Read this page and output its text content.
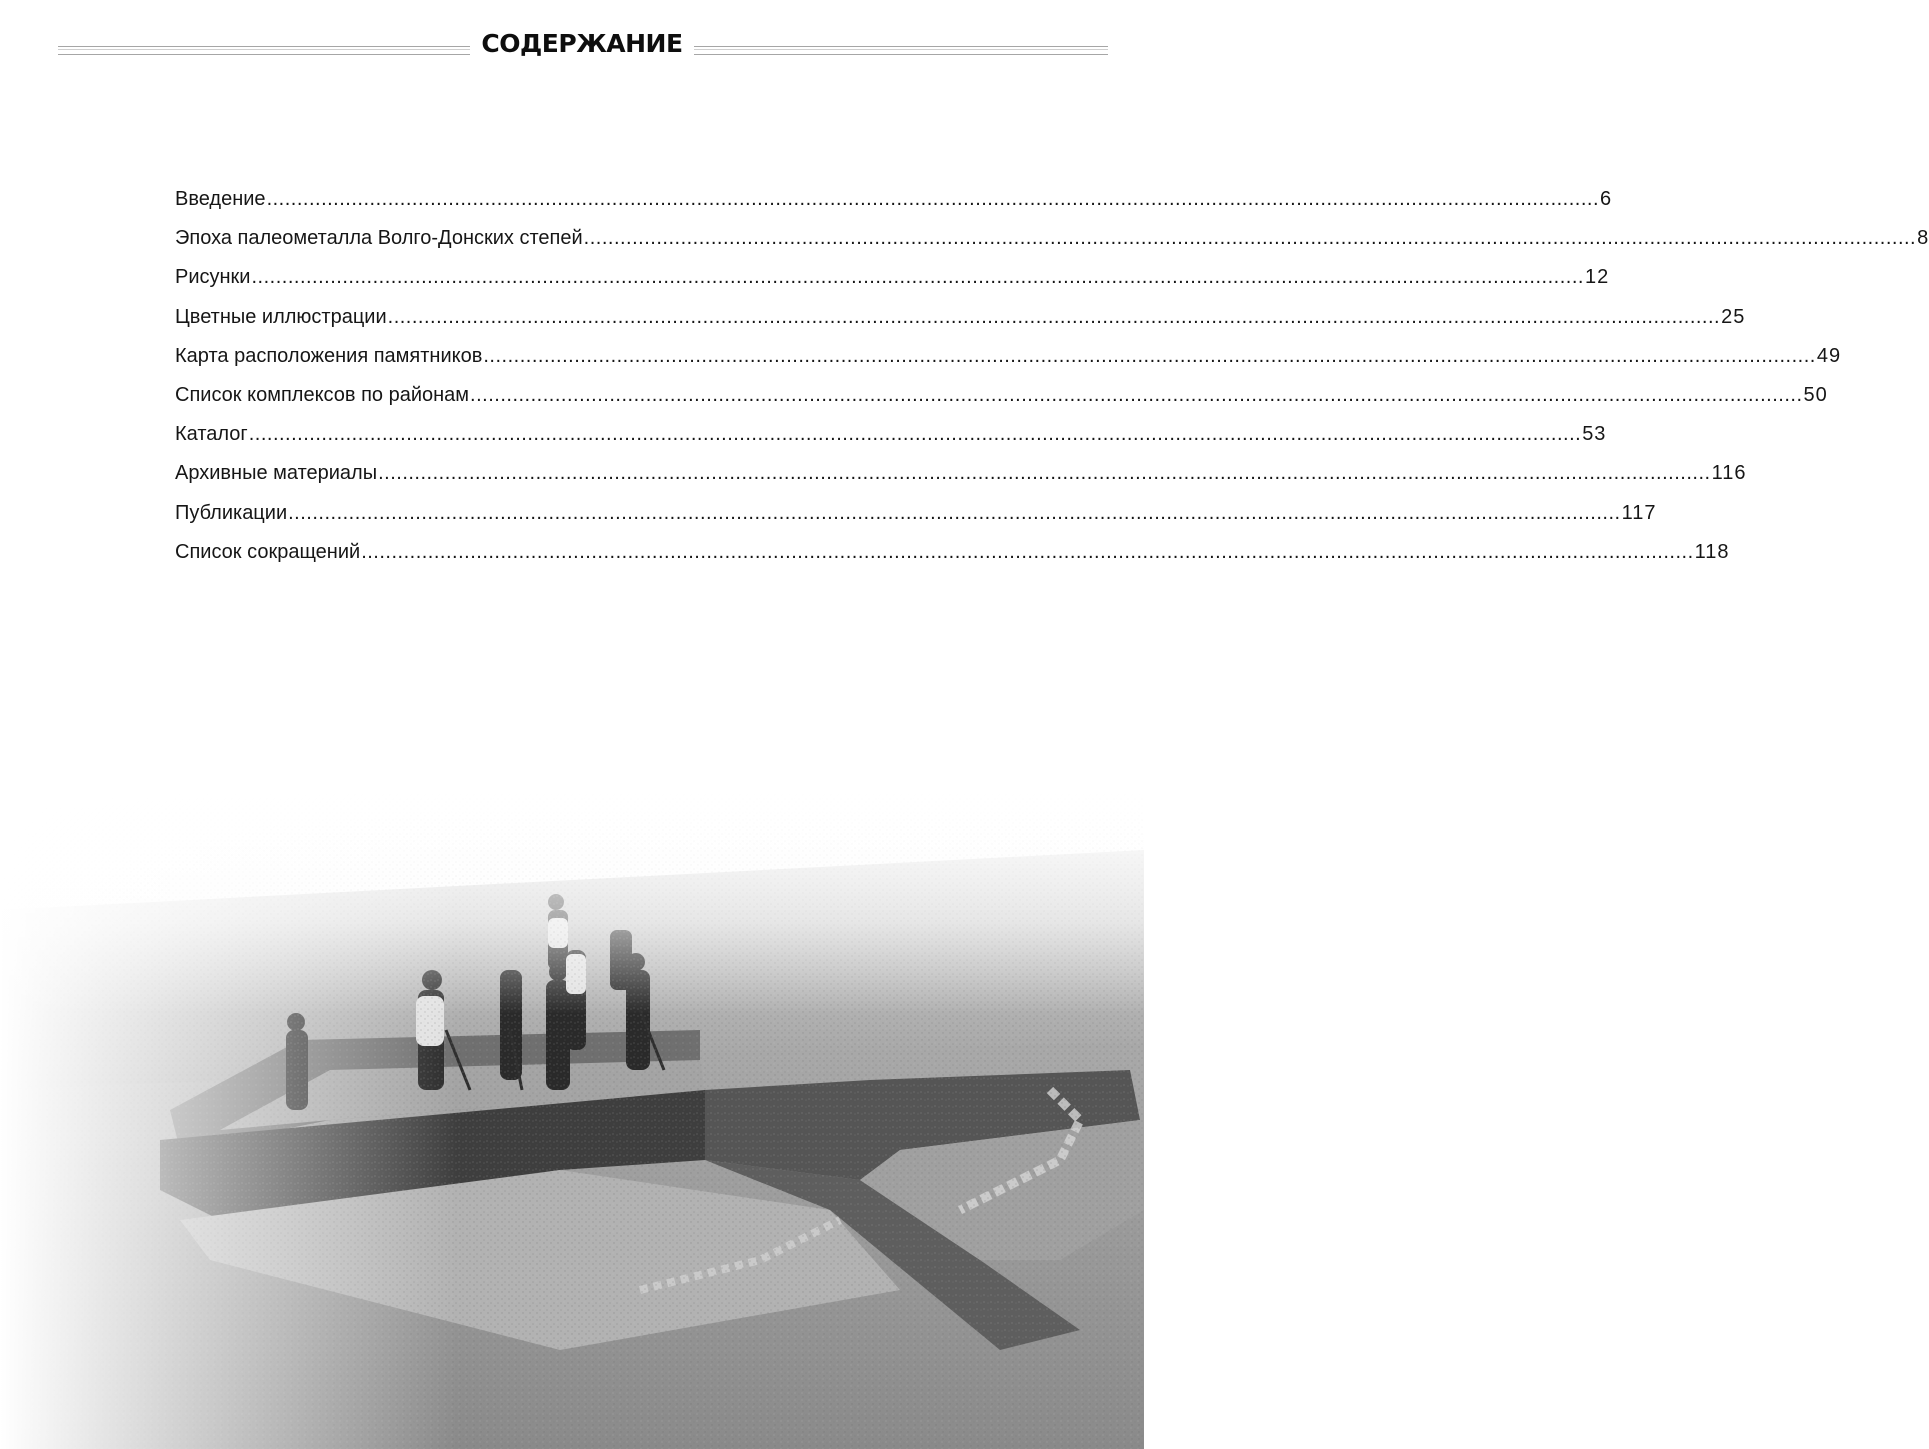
СОДЕРЖАНИЕ
Введение ............................................................................................................................................................................................................................ 6
Эпоха палеометалла Волго-Донских степей ............................................................................................................................................................................................................................ 8
Рисунки ............................................................................................................................................................................................................................ 12
Цветные иллюстрации ............................................................................................................................................................................................................................ 25
Карта расположения памятников ............................................................................................................................................................................................................................ 49
Список комплексов по районам ............................................................................................................................................................................................................................ 50
Каталог ............................................................................................................................................................................................................................ 53
Архивные материалы ............................................................................................................................................................................................................................ 116
Публикации ............................................................................................................................................................................................................................ 117
Список сокращений ............................................................................................................................................................................................................................ 118
